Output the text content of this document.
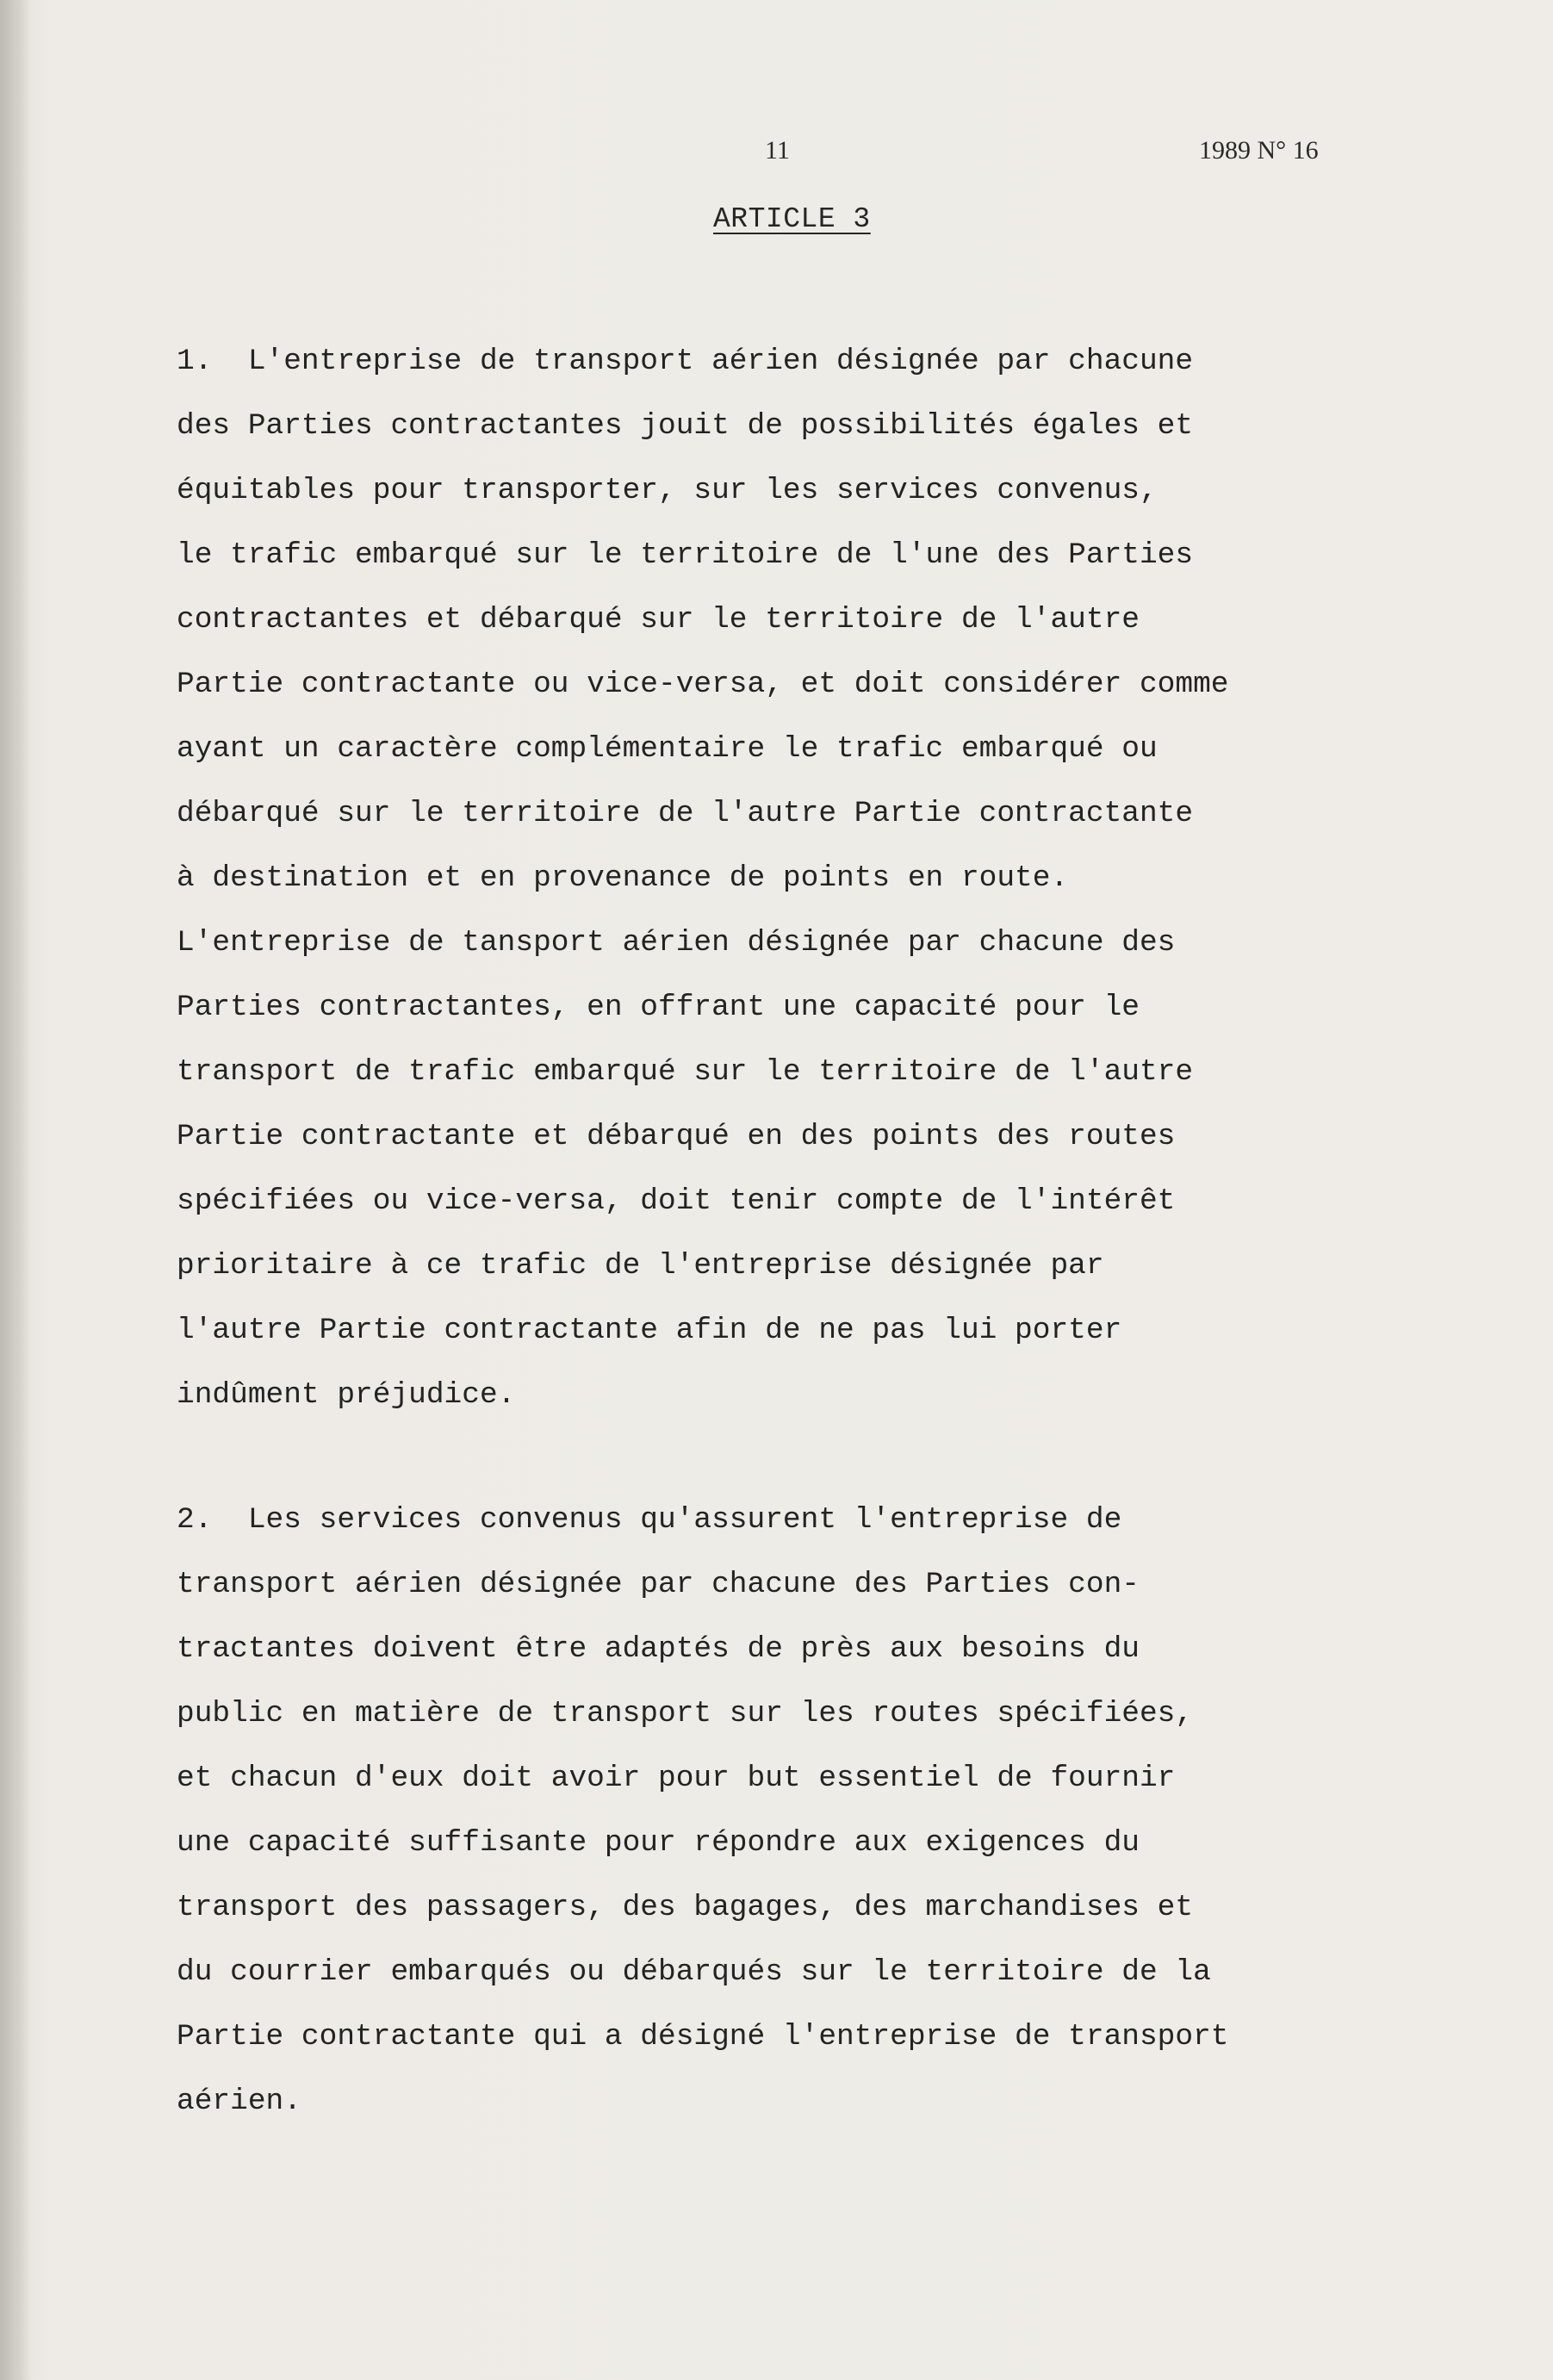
11	1989 N° 16
ARTICLE 3
1.  L'entreprise de transport aérien désignée par chacune
des Parties contractantes jouit de possibilités égales et
équitables pour transporter, sur les services convenus,
le trafic embarqué sur le territoire de l'une des Parties
contractantes et débarqué sur le territoire de l'autre
Partie contractante ou vice-versa, et doit considérer comme
ayant un caractère complémentaire le trafic embarqué ou
débarqué sur le territoire de l'autre Partie contractante
à destination et en provenance de points en route.
L'entreprise de tansport aérien désignée par chacune des
Parties contractantes, en offrant une capacité pour le
transport de trafic embarqué sur le territoire de l'autre
Partie contractante et débarqué en des points des routes
spécifiées ou vice-versa, doit tenir compte de l'intérêt
prioritaire à ce trafic de l'entreprise désignée par
l'autre Partie contractante afin de ne pas lui porter
indûment préjudice.
2.  Les services convenus qu'assurent l'entreprise de
transport aérien désignée par chacune des Parties con-
tractantes doivent être adaptés de près aux besoins du
public en matière de transport sur les routes spécifiées,
et chacun d'eux doit avoir pour but essentiel de fournir
une capacité suffisante pour répondre aux exigences du
transport des passagers, des bagages, des marchandises et
du courrier embarqués ou débarqués sur le territoire de la
Partie contractante qui a désigné l'entreprise de transport
aérien.
